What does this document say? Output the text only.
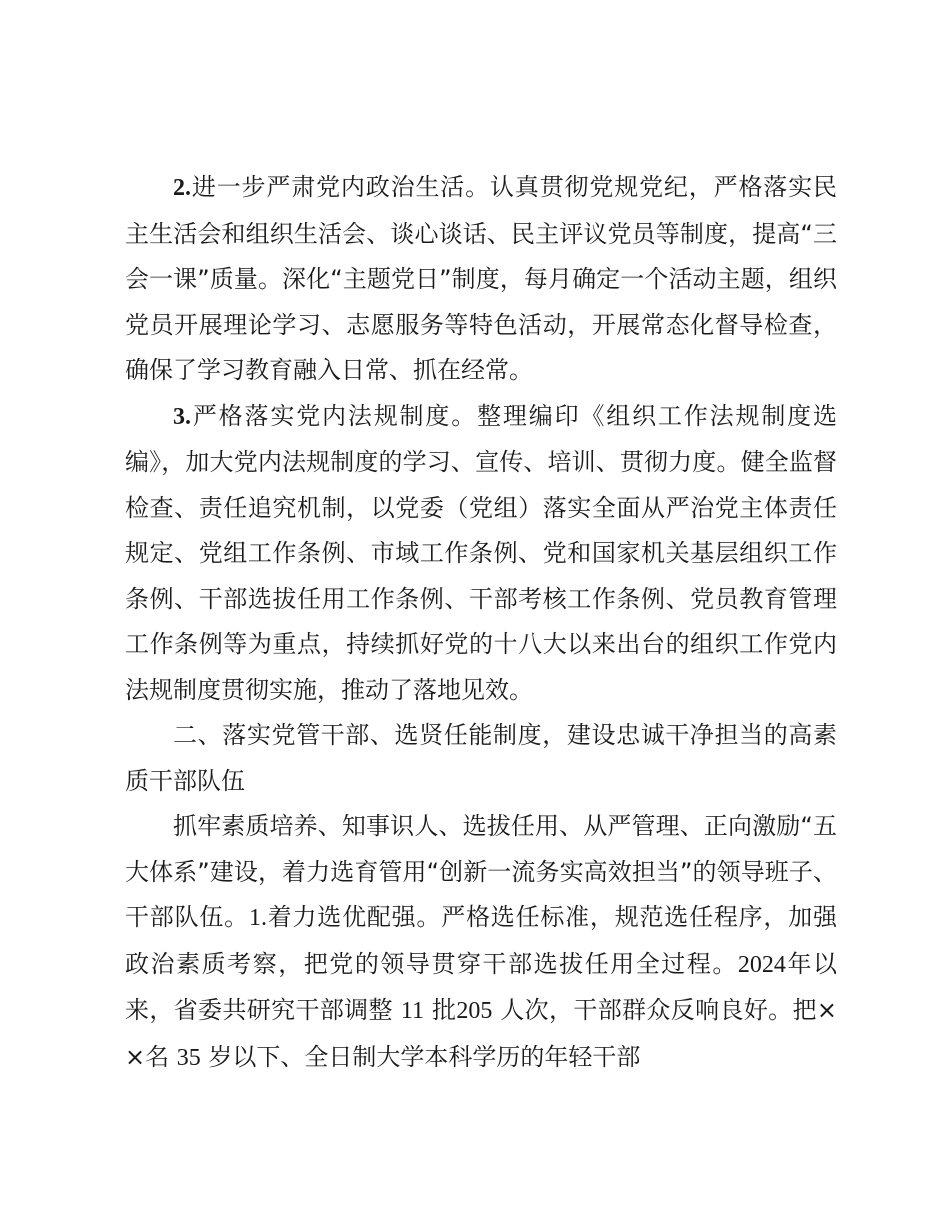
2.进一步严肃党内政治生活。认真贯彻党规党纪，严格落实民主生活会和组织生活会、谈心谈话、民主评议党员等制度，提高“三会一课”质量。深化“主题党日”制度，每月确定一个活动主题，组织党员开展理论学习、志愿服务等特色活动，开展常态化督导检查，确保了学习教育融入日常、抓在经常。

3.严格落实党内法规制度。整理编印《组织工作法规制度选编》，加大党内法规制度的学习、宣传、培训、贯彻力度。健全监督检查、责任追究机制，以党委（党组）落实全面从严治党主体责任规定、党组工作条例、市域工作条例、党和国家机关基层组织工作条例、干部选拔任用工作条例、干部考核工作条例、党员教育管理工作条例等为重点，持续抓好党的十八大以来出台的组织工作党内法规制度贯彻实施，推动了落地见效。

二、落实党管干部、选贤任能制度，建设忠诚干净担当的高素质干部队伍

抓牢素质培养、知事识人、选拔任用、从严管理、正向激励“五大体系”建设，着力选育管用“创新一流务实高效担当”的领导班子、干部队伍。1.着力选优配强。严格选任标准，规范选任程序，加强政治素质考察，把党的领导贯穿干部选拔任用全过程。2024年以来，省委共研究干部调整 11 批205 人次，干部群众反响良好。把××名 35 岁以下、全日制大学本科学历的年轻干部
